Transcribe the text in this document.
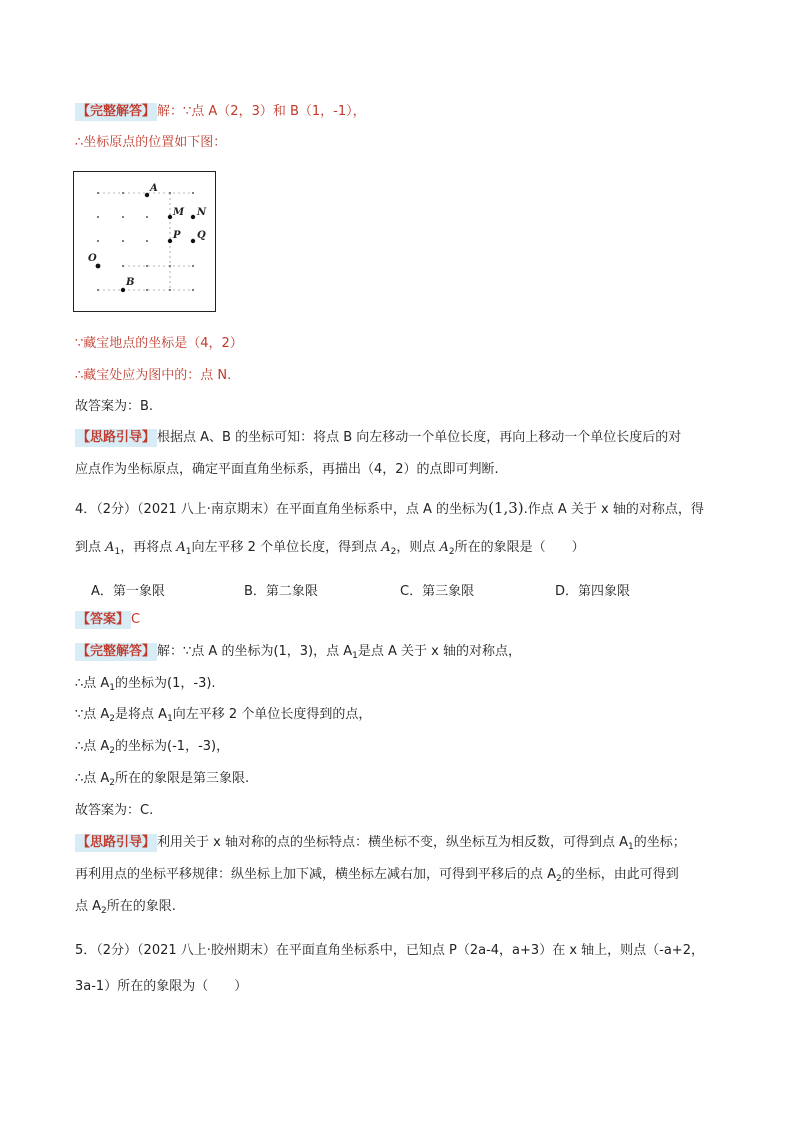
【完整解答】 解：∵点 A（2，3）和 B（1，-1），
∴坐标原点的位置如下图：
A
M N
P Q
O
B
∵藏宝地点的坐标是（4，2）
∴藏宝处应为图中的：点 N.
故答案为：B.
【思路引导】 根据点 A、B 的坐标可知：将点 B 向左移动一个单位长度，再向上移动一个单位长度后的对
应点作为坐标原点，确定平面直角坐标系，再描出（4，2）的点即可判断.
4．（2分）（2021 八上·南京期末）在平面直角坐标系中，点 A 的坐标为(1,3).作点 A 关于 x 轴的对称点，得
到点 $A_1$，再将点 $A_1$向左平移 2 个单位长度，得到点 $A_2$，则点 $A_2$所在的象限是（　　）
A．第一象限	B．第二象限	C．第三象限	D．第四象限
【答案】 C
【完整解答】 解：∵点 A 的坐标为(1，3)，点 $A_1$是点 A 关于 x 轴的对称点，
∴点 $A_1$的坐标为(1，-3).
∵点 $A_2$是将点 $A_1$向左平移 2 个单位长度得到的点，
∴点 $A_2$的坐标为(-1，-3)，
∴点 $A_2$所在的象限是第三象限.
故答案为：C.
【思路引导】 利用关于 x 轴对称的点的坐标特点：横坐标不变，纵坐标互为相反数，可得到点 $A_1$的坐标；
再利用点的坐标平移规律：纵坐标上加下减，横坐标左减右加，可得到平移后的点 $A_2$的坐标，由此可得到
点 $A_2$所在的象限.
5．（2分）（2021 八上·胶州期末）在平面直角坐标系中，已知点 P（2a-4，a+3）在 x 轴上，则点（-a+2，
3a-1）所在的象限为（　　）
